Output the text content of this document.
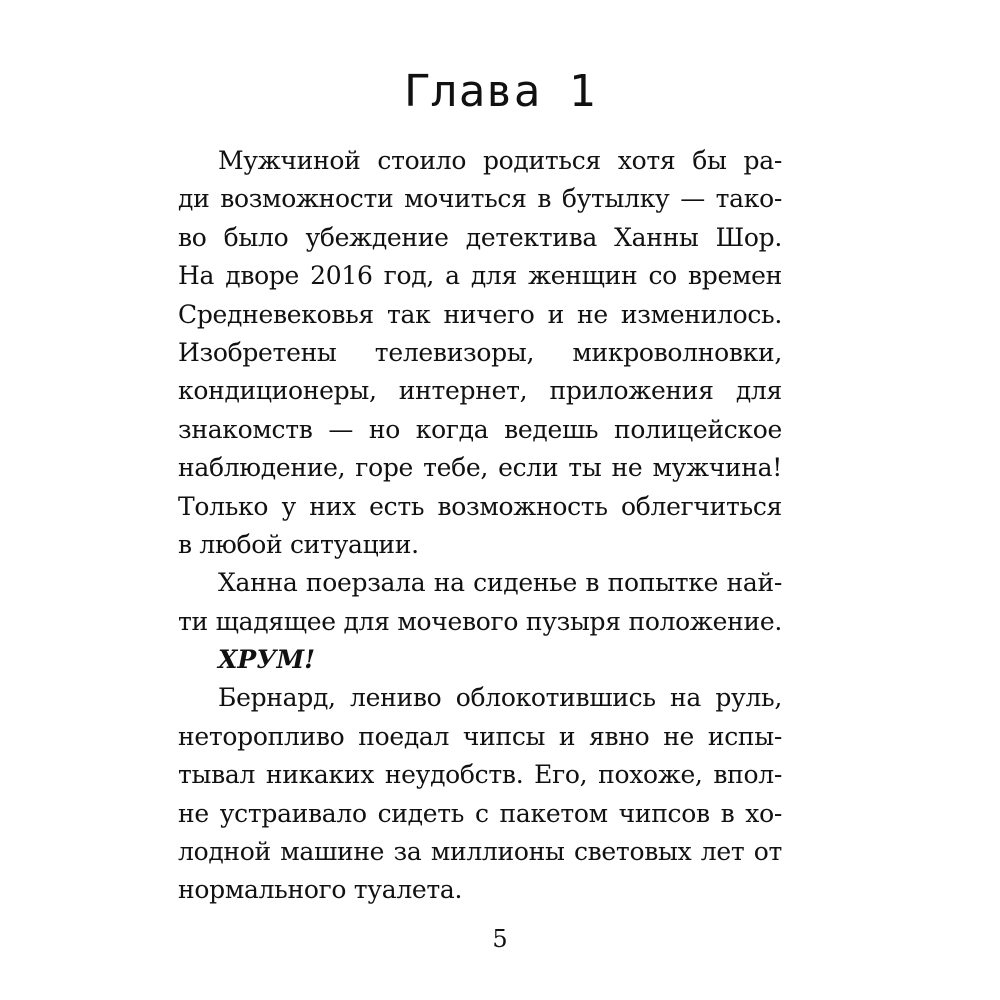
Глава 1
Мужчиной стоило родиться хотя бы ра-
ди возможности мочиться в бутылку — тако-
во было убеждение детектива Ханны Шор.
На дворе 2016 год, а для женщин со времен
Средневековья так ничего и не изменилось.
Изобретены телевизоры, микроволновки,
кондиционеры, интернет, приложения для
знакомств — но когда ведешь полицейское
наблюдение, горе тебе, если ты не мужчина!
Только у них есть возможность облегчиться
в любой ситуации.
Ханна поерзала на сиденье в попытке най-
ти щадящее для мочевого пузыря положение.
ХРУМ!
Бернард, лениво облокотившись на руль,
неторопливо поедал чипсы и явно не испы-
тывал никаких неудобств. Его, похоже, впол-
не устраивало сидеть с пакетом чипсов в хо-
лодной машине за миллионы световых лет от
нормального туалета.
5
